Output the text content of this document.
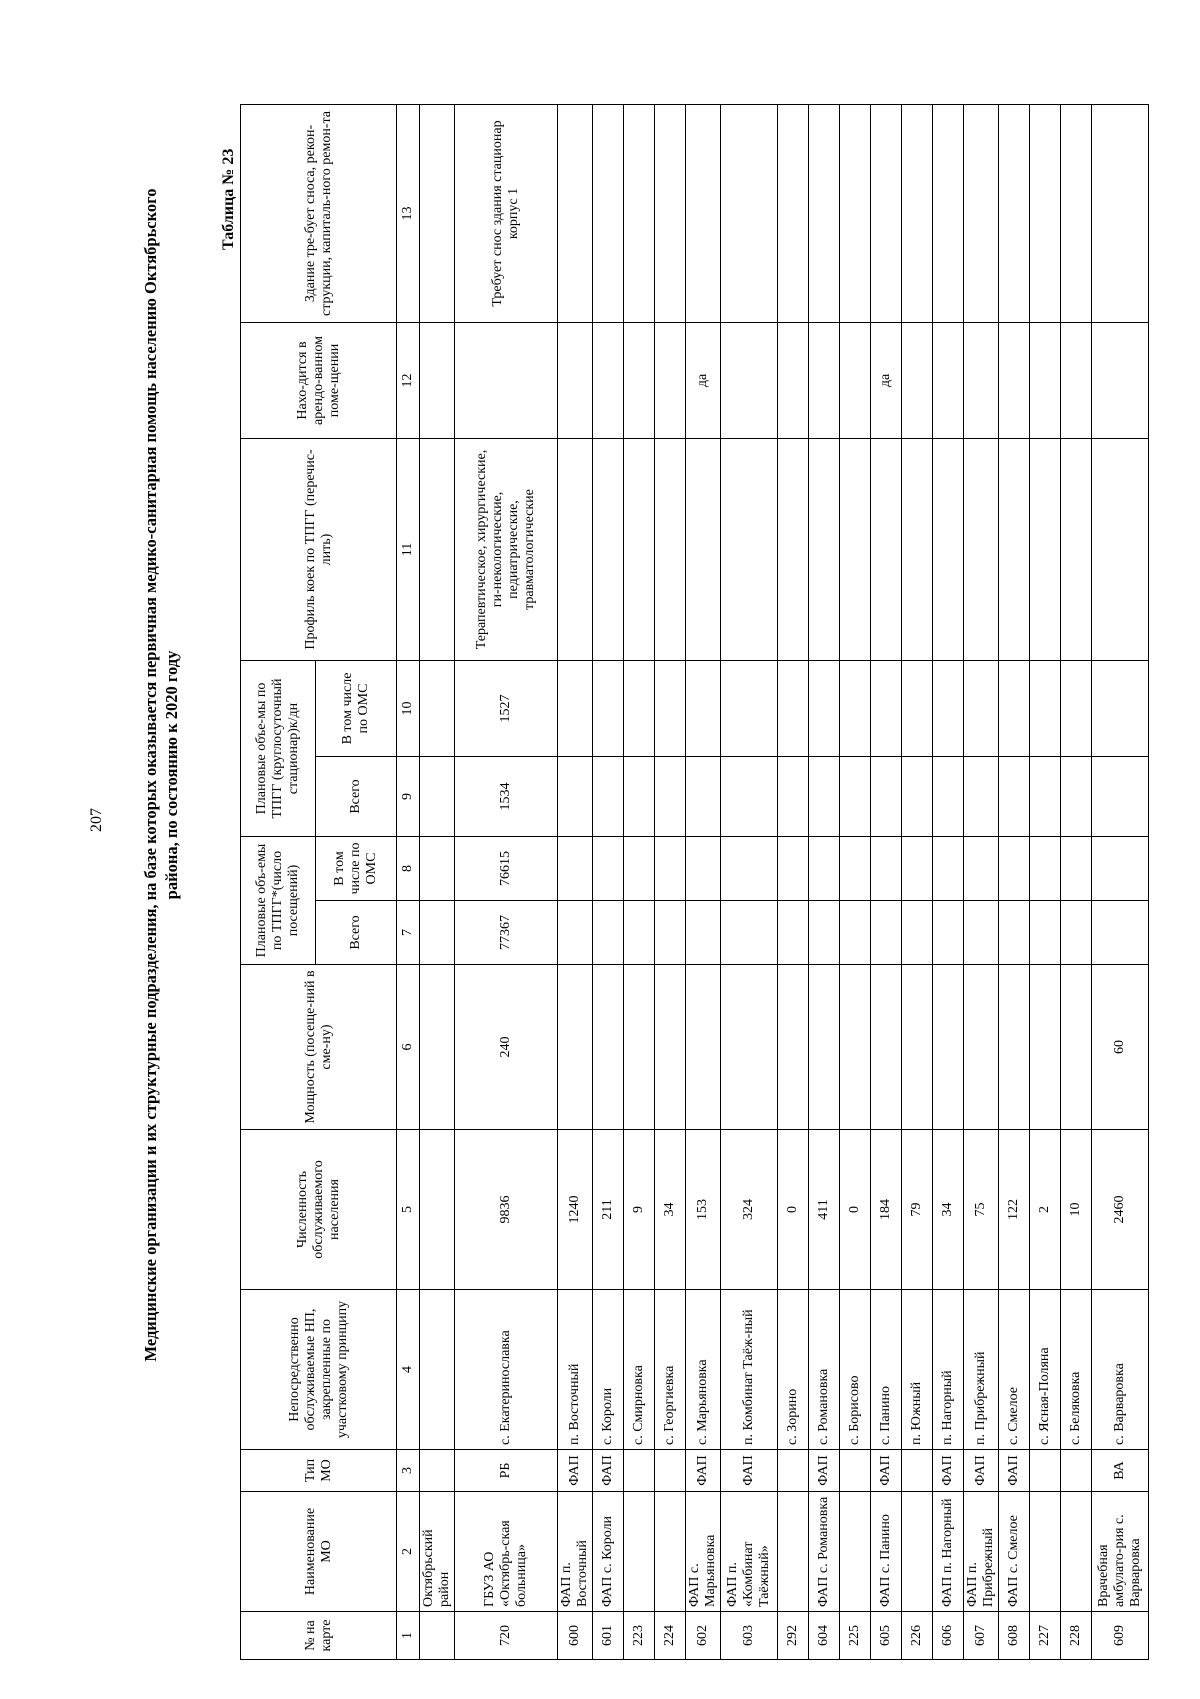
207 Медицинские организации и их структурные подразделения, на базе которых оказывается первичная медико-санитарная помощь населению Октябрьского района, по состоянию к 2020 году
Таблица № 23
№ на карте	Наименование МО	Тип МО	Непосредственно обслуживаемые НП, закрепленные по участковому принципу	Численность обслуживаемого населения	Мощность (посеще-ний в сме-ну)	Плановые объ-емы по ТПГГ*(число посещений)		Плановые объе-мы по ТПГГ (круглосуточный стационар)к/дн		Профиль коек по ТПГГ (перечис-лить)	Нахо-дится в арендо-ванном поме-щении	Здание тре-бует сноса, рекон-струкции, капиталь-ного ремон-та
						Всего	В том числе по ОМС	Всего	В том числе по ОМС			
1	2	3	4	5	6	7	8	9	10	11	12	13
	Октябрьский район											
720	ГБУЗ АО «Октябрь-ская больница»	РБ	с. Екатеринославка	9836	240	77367	76615	1534	1527	Терапевтическое, хирургические, ги-некологические, педиатрические, травматологические		Требует снос здания стационар корпус 1
600	ФАП п. Восточный	ФАП	п. Восточный	1240								
601	ФАП с. Короли	ФАП	с. Короли	211								
223			с. Смирновка	9								
224			с. Георгиевка	34								
602	ФАП с. Марьяновка	ФАП	с. Марьяновка	153							да	
603	ФАП п. «Комбинат Таёжный»	ФАП	п. Комбинат Таёж-ный	324								
292			с. Зорино	0								
604	ФАП с. Романовка	ФАП	с. Романовка	411								
225			с. Борисово	0								
605	ФАП с. Панино	ФАП	с. Панино	184							да	
226			п. Южный	79								
606	ФАП п. Нагорный	ФАП	п. Нагорный	34								
607	ФАП п. Прибрежный	ФАП	п. Прибрежный	75								
608	ФАП с. Смелое	ФАП	с. Смелое	122								
227			с. Ясная-Поляна	2								
228			с. Беляковка	10								
609	Врачебная амбулато-рия с. Варваровка	ВА	с. Варваровка	2460	60							
